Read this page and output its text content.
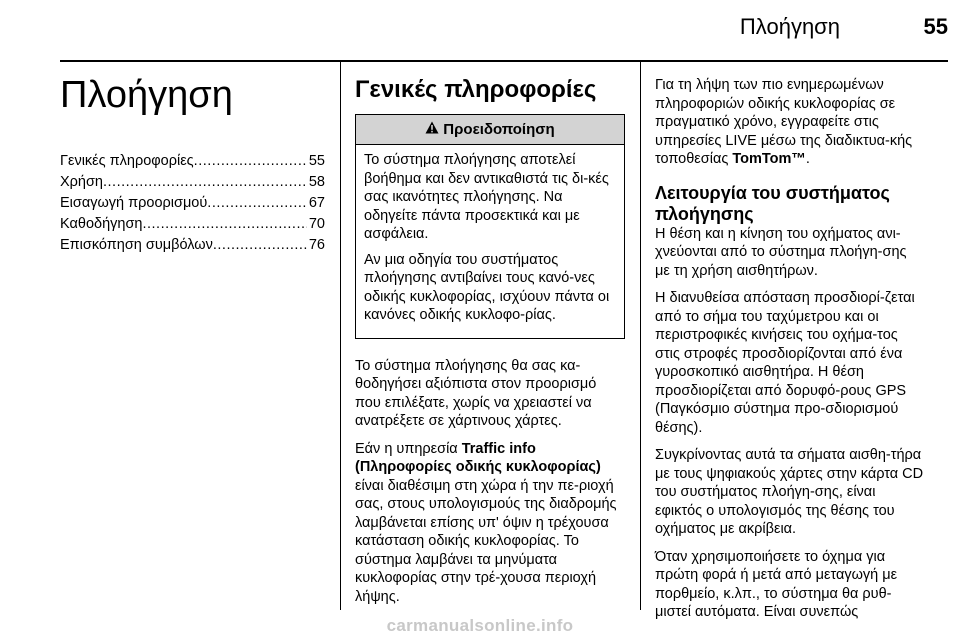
Πλοήγηση	55
Πλοήγηση
Γενικές πληροφορίες .....	55
Χρήση .....	58
Εισαγωγή προορισμού .....	67
Καθοδήγηση .....	70
Επισκόπηση συμβόλων .....	76
Γενικές πληροφορίες
Προειδοποίηση

Το σύστημα πλοήγησης αποτελεί βοήθημα και δεν αντικαθιστά τις δι-κές σας ικανότητες πλοήγησης. Να οδηγείτε πάντα προσεκτικά και με ασφάλεια.

Αν μια οδηγία του συστήματος πλοήγησης αντιβαίνει τους κανό-νες οδικής κυκλοφορίας, ισχύουν πάντα οι κανόνες οδικής κυκλοφο-ρίας.

Το σύστημα πλοήγησης θα σας κα-θοδηγήσει αξιόπιστα στον προορισμό που επιλέξατε, χωρίς να χρειαστεί να ανατρέξετε σε χάρτινους χάρτες.

Εάν η υπηρεσία Traffic info (Πληροφορίες οδικής κυκλοφορίας) είναι διαθέσιμη στη χώρα ή την πε-ριοχή σας, στους υπολογισμούς της διαδρομής λαμβάνεται επίσης υπ' όψιν η τρέχουσα κατάσταση οδικής κυκλοφορίας. Το σύστημα λαμβάνει τα μηνύματα κυκλοφορίας στην τρέ-χουσα περιοχή λήψης.

Για τη λήψη των πιο ενημερωμένων πληροφοριών οδικής κυκλοφορίας σε πραγματικό χρόνο, εγγραφείτε στις υπηρεσίες LIVE μέσω της διαδικτυα-κής τοποθεσίας TomTom™.

Λειτουργία του συστήματος πλοήγησης

Η θέση και η κίνηση του οχήματος ανι-χνεύονται από το σύστημα πλοήγη-σης με τη χρήση αισθητήρων.

Η διανυθείσα απόσταση προσδιορί-ζεται από το σήμα του ταχύμετρου και οι περιστροφικές κινήσεις του οχήμα-τος στις στροφές προσδιορίζονται από ένα γυροσκοπικό αισθητήρα. Η θέση προσδιορίζεται από δορυφό-ρους GPS (Παγκόσμιο σύστημα προ-σδιορισμού θέσης).

Συγκρίνοντας αυτά τα σήματα αισθη-τήρα με τους ψηφιακούς χάρτες στην κάρτα CD του συστήματος πλοήγη-σης, είναι εφικτός ο υπολογισμός της θέσης του οχήματος με ακρίβεια.

Όταν χρησιμοποιήσετε το όχημα για πρώτη φορά ή μετά από μεταγωγή με πορθμείο, κ.λπ., το σύστημα θα ρυθ-μιστεί αυτόματα. Είναι συνεπώς

carmanualsonline.info
